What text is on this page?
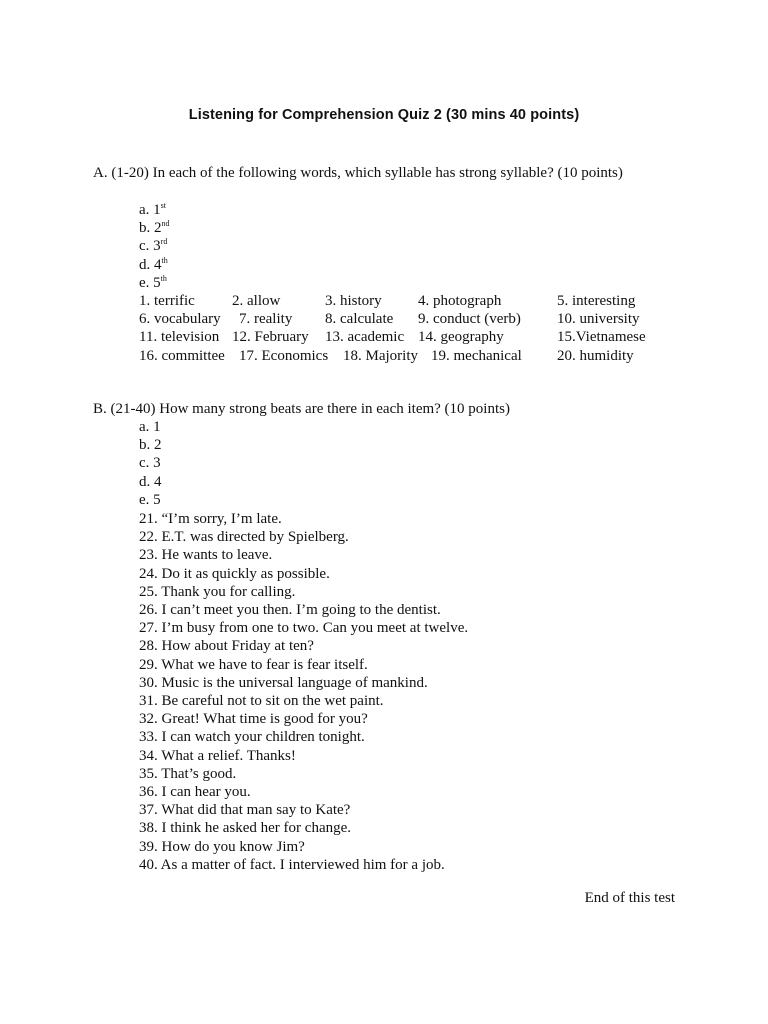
Listening for Comprehension Quiz 2 (30 mins 40 points)
A. (1-20) In each of the following words, which syllable has strong syllable? (10 points)
a. 1st
b. 2nd
c. 3rd
d. 4th
e. 5th
1. terrific 2. allow	3. history 4. photograph	5. interesting
6. vocabulary 7. reality 8. calculate 9. conduct (verb) 10. university
11. television 12. February 13. academic 14. geography	15.Vietnamese
16. committee 17. Economics 18. Majority 19. mechanical 20. humidity
B. (21-40) How many strong beats are there in each item? (10 points)
a. 1
b. 2
c. 3
d. 4
e. 5
21. “I’m sorry, I’m late.
22. E.T. was directed by Spielberg.
23. He wants to leave.
24. Do it as quickly as possible.
25. Thank you for calling.
26. I can’t meet you then. I’m going to the dentist.
27. I’m busy from one to two. Can you meet at twelve.
28. How about Friday at ten?
29. What we have to fear is fear itself.
30. Music is the universal language of mankind.
31. Be careful not to sit on the wet paint.
32. Great! What time is good for you?
33. I can watch your children tonight.
34. What a relief. Thanks!
35. That’s good.
36. I can hear you.
37. What did that man say to Kate?
38. I think he asked her for change.
39. How do you know Jim?
40. As a matter of fact. I interviewed him for a job.
End of this test
